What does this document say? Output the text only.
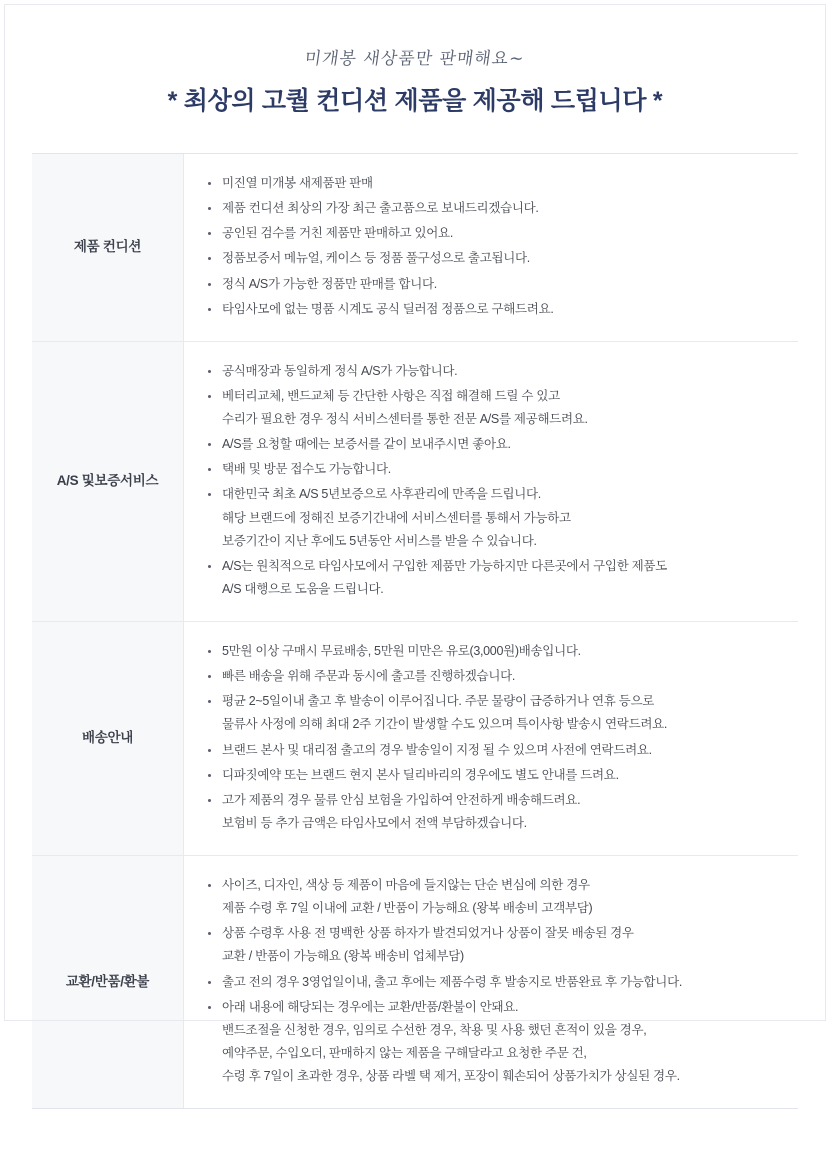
미개봉 새상품만 판매해요~
* 최상의 고퀄 컨디션 제품을 제공해 드립니다 *
제품 컨디션
미진열 미개봉 새제품판 판매
제품 컨디션 최상의 가장 최근 출고품으로 보내드리겠습니다.
공인된 검수를 거친 제품만 판매하고 있어요.
정품보증서 메뉴얼, 케이스 등 정품 풀구성으로 출고됩니다.
정식 A/S가 가능한 정품만 판매를 합니다.
타임사모에 없는 명품 시계도 공식 딜러점 정품으로 구해드려요.
A/S 및 보증서비스
공식매장과 동일하게 정식 A/S가 가능합니다.
베터리교체, 밴드교체 등 간단한 사항은 직접 해결해 드릴 수 있고
수리가 필요한 경우 정식 서비스센터를 통한 전문 A/S를 제공해드려요.
A/S를 요청할 때에는 보증서를 같이 보내주시면 좋아요.
택배 및 방문 접수도 가능합니다.
대한민국 최초 A/S 5년보증으로 사후관리에 만족을 드립니다.
해당 브랜드에 정해진 보증기간내에 서비스센터를 통해서 가능하고
보증기간이 지난 후에도 5년동안 서비스를 받을 수 있습니다.
A/S는 원칙적으로 타임사모에서 구입한 제품만 가능하지만 다른곳에서 구입한 제품도
A/S 대행으로 도움을 드립니다.
배송안내
5만원 이상 구매시 무료배송, 5만원 미만은 유로(3,000원)배송입니다.
빠른 배송을 위해 주문과 동시에 출고를 진행하겠습니다.
평균 2~5일이내 출고 후 발송이 이루어집니다. 주문 물량이 급증하거나 연휴 등으로
물류사 사정에 의해 최대 2주 기간이 발생할 수도 있으며 특이사항 발송시 연락드려요.
브랜드 본사 및 대리점 출고의 경우 발송일이 지정 될 수 있으며 사전에 연락드려요.
디파짓예약 또는 브랜드 현지 본사 딜리바리의 경우에도 별도 안내를 드려요.
고가 제품의 경우 물류 안심 보험을 가입하여 안전하게 배송해드려요.
보험비 등 추가 금액은 타임사모에서 전액 부담하겠습니다.
교환/반품/환불
사이즈, 디자인, 색상 등 제품이 마음에 들지않는 단순 변심에 의한 경우
제품 수령 후 7일 이내에 교환 / 반품이 가능해요 (왕복 배송비 고객부담)
상품 수령후 사용 전 명백한 상품 하자가 발견되었거나 상품이 잘못 배송된 경우
교환 / 반품이 가능해요 (왕복 배송비 업체부담)
출고 전의 경우 3영업일이내, 출고 후에는 제품수령 후 발송지로 반품완료 후 가능합니다.
아래 내용에 해당되는 경우에는 교환/반품/환불이 안돼요.
밴드조절을 신청한 경우, 임의로 수선한 경우, 착용 및 사용 했던 흔적이 있을 경우,
예약주문, 수입오더, 판매하지 않는 제품을 구해달라고 요청한 주문 건,
수령 후 7일이 초과한 경우, 상품 라벨 택 제거, 포장이 훼손되어 상품가치가 상실된 경우.
